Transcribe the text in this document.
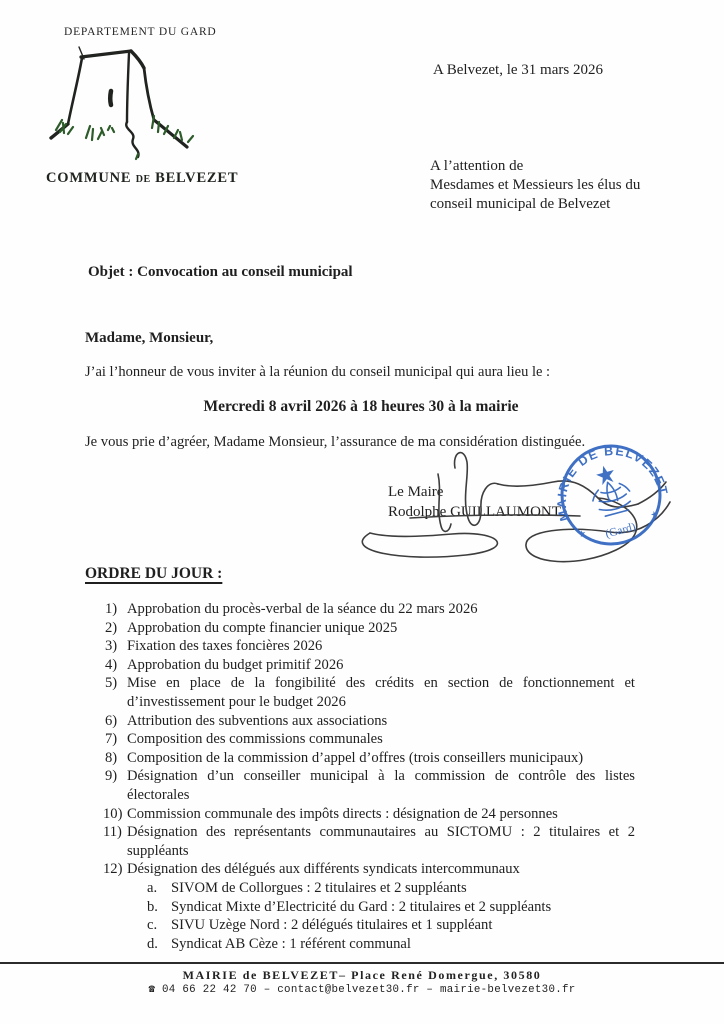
DEPARTEMENT DU GARD
COMMUNE DE BELVEZET
A Belvezet, le 31 mars 2026
A l’attention de
Mesdames et Messieurs les élus du
conseil municipal de Belvezet
Objet : Convocation au conseil municipal
Madame, Monsieur,
J’ai l’honneur de vous inviter à la réunion du conseil municipal qui aura lieu le :
Mercredi 8 avril 2026 à 18 heures 30 à la mairie
Je vous prie d’agréer, Madame Monsieur, l’assurance de ma considération distinguée.
Le Maire
Rodolphe GUILLAUMONT
MAIRIE DE BELVEZET
★
★
(Gard)
ORDRE DU JOUR :
1) Approbation du procès-verbal de la séance du 22 mars 2026
2) Approbation du compte financier unique 2025
3) Fixation des taxes foncières 2026
4) Approbation du budget primitif 2026
5) Mise en place de la fongibilité des crédits en section de fonctionnement et d’investissement pour le budget 2026
6) Attribution des subventions aux associations
7) Composition des commissions communales
8) Composition de la commission d’appel d’offres (trois conseillers municipaux)
9) Désignation d’un conseiller municipal à la commission de contrôle des listes électorales
10) Commission communale des impôts directs : désignation de 24 personnes
11) Désignation des représentants communautaires au SICTOMU : 2 titulaires et 2 suppléants
12) Désignation des délégués aux différents syndicats intercommunaux
a. SIVOM de Collorgues : 2 titulaires et 2 suppléants
b. Syndicat Mixte d’Electricité du Gard : 2 titulaires et 2 suppléants
c. SIVU Uzège Nord : 2 délégués titulaires et 1 suppléant
d. Syndicat AB Cèze : 1 référent communal
MAIRIE de BELVEZET– Place René Domergue, 30580
☎ 04 66 22 42 70 – contact@belvezet30.fr – mairie-belvezet30.fr
